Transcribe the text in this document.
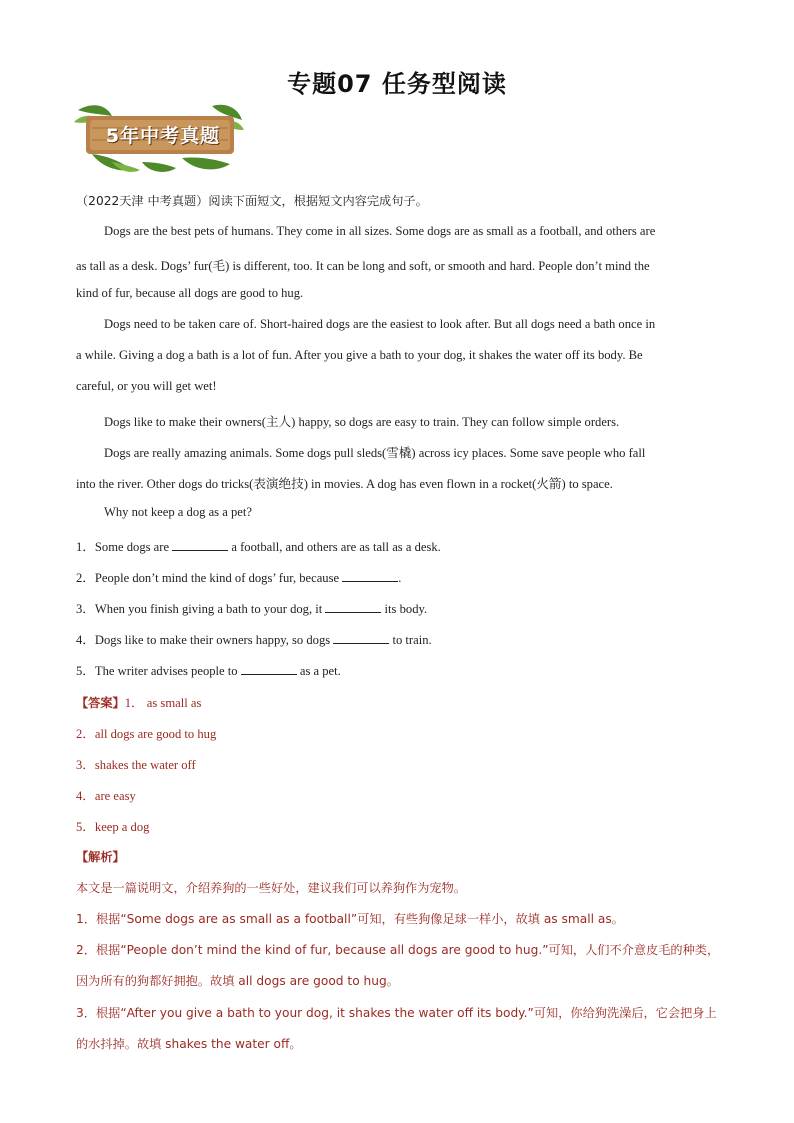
专题07 任务型阅读
5年中考真题
（2022天津 中考真题）阅读下面短文，根据短文内容完成句子。
Dogs are the best pets of humans. They come in all sizes. Some dogs are as small as a football, and others are
as tall as a desk. Dogs’ fur(毛) is different, too. It can be long and soft, or smooth and hard. People don’t mind the
kind of fur, because all dogs are good to hug.
Dogs need to be taken care of. Short-haired dogs are the easiest to look after. But all dogs need a bath once in
a while. Giving a dog a bath is a lot of fun. After you give a bath to your dog, it shakes the water off its body. Be
careful, or you will get wet!
Dogs like to make their owners(主人) happy, so dogs are easy to train. They can follow simple orders.
Dogs are really amazing animals. Some dogs pull sleds(雪橇) across icy places. Some save people who fall
into the river. Other dogs do tricks(表演绝技) in movies. A dog has even flown in a rocket(火箭) to space.
Why not keep a dog as a pet?
1．Some dogs are	a football, and others are as tall as a desk.
2．People don’t mind the kind of dogs’ fur, because	.
3．When you finish giving a bath to your dog, it	its body.
4．Dogs like to make their owners happy, so dogs	to train.
5．The writer advises people to	as a pet.
【答案】1． as small as
2．all dogs are good to hug
3．shakes the water off
4．are easy
5．keep a dog
【解析】
本文是一篇说明文，介绍养狗的一些好处，建议我们可以养狗作为宠物。
1．根据“Some dogs are as small as a football”可知，有些狗像足球一样小，故填 as small as。
2．根据“People don’t mind the kind of fur, because all dogs are good to hug.”可知，人们不介意皮毛的种类，
因为所有的狗都好拥抱。故填 all dogs are good to hug。
3．根据“After you give a bath to your dog, it shakes the water off its body.”可知，你给狗洗澡后，它会把身上
的水抖掉。故填 shakes the water off。
